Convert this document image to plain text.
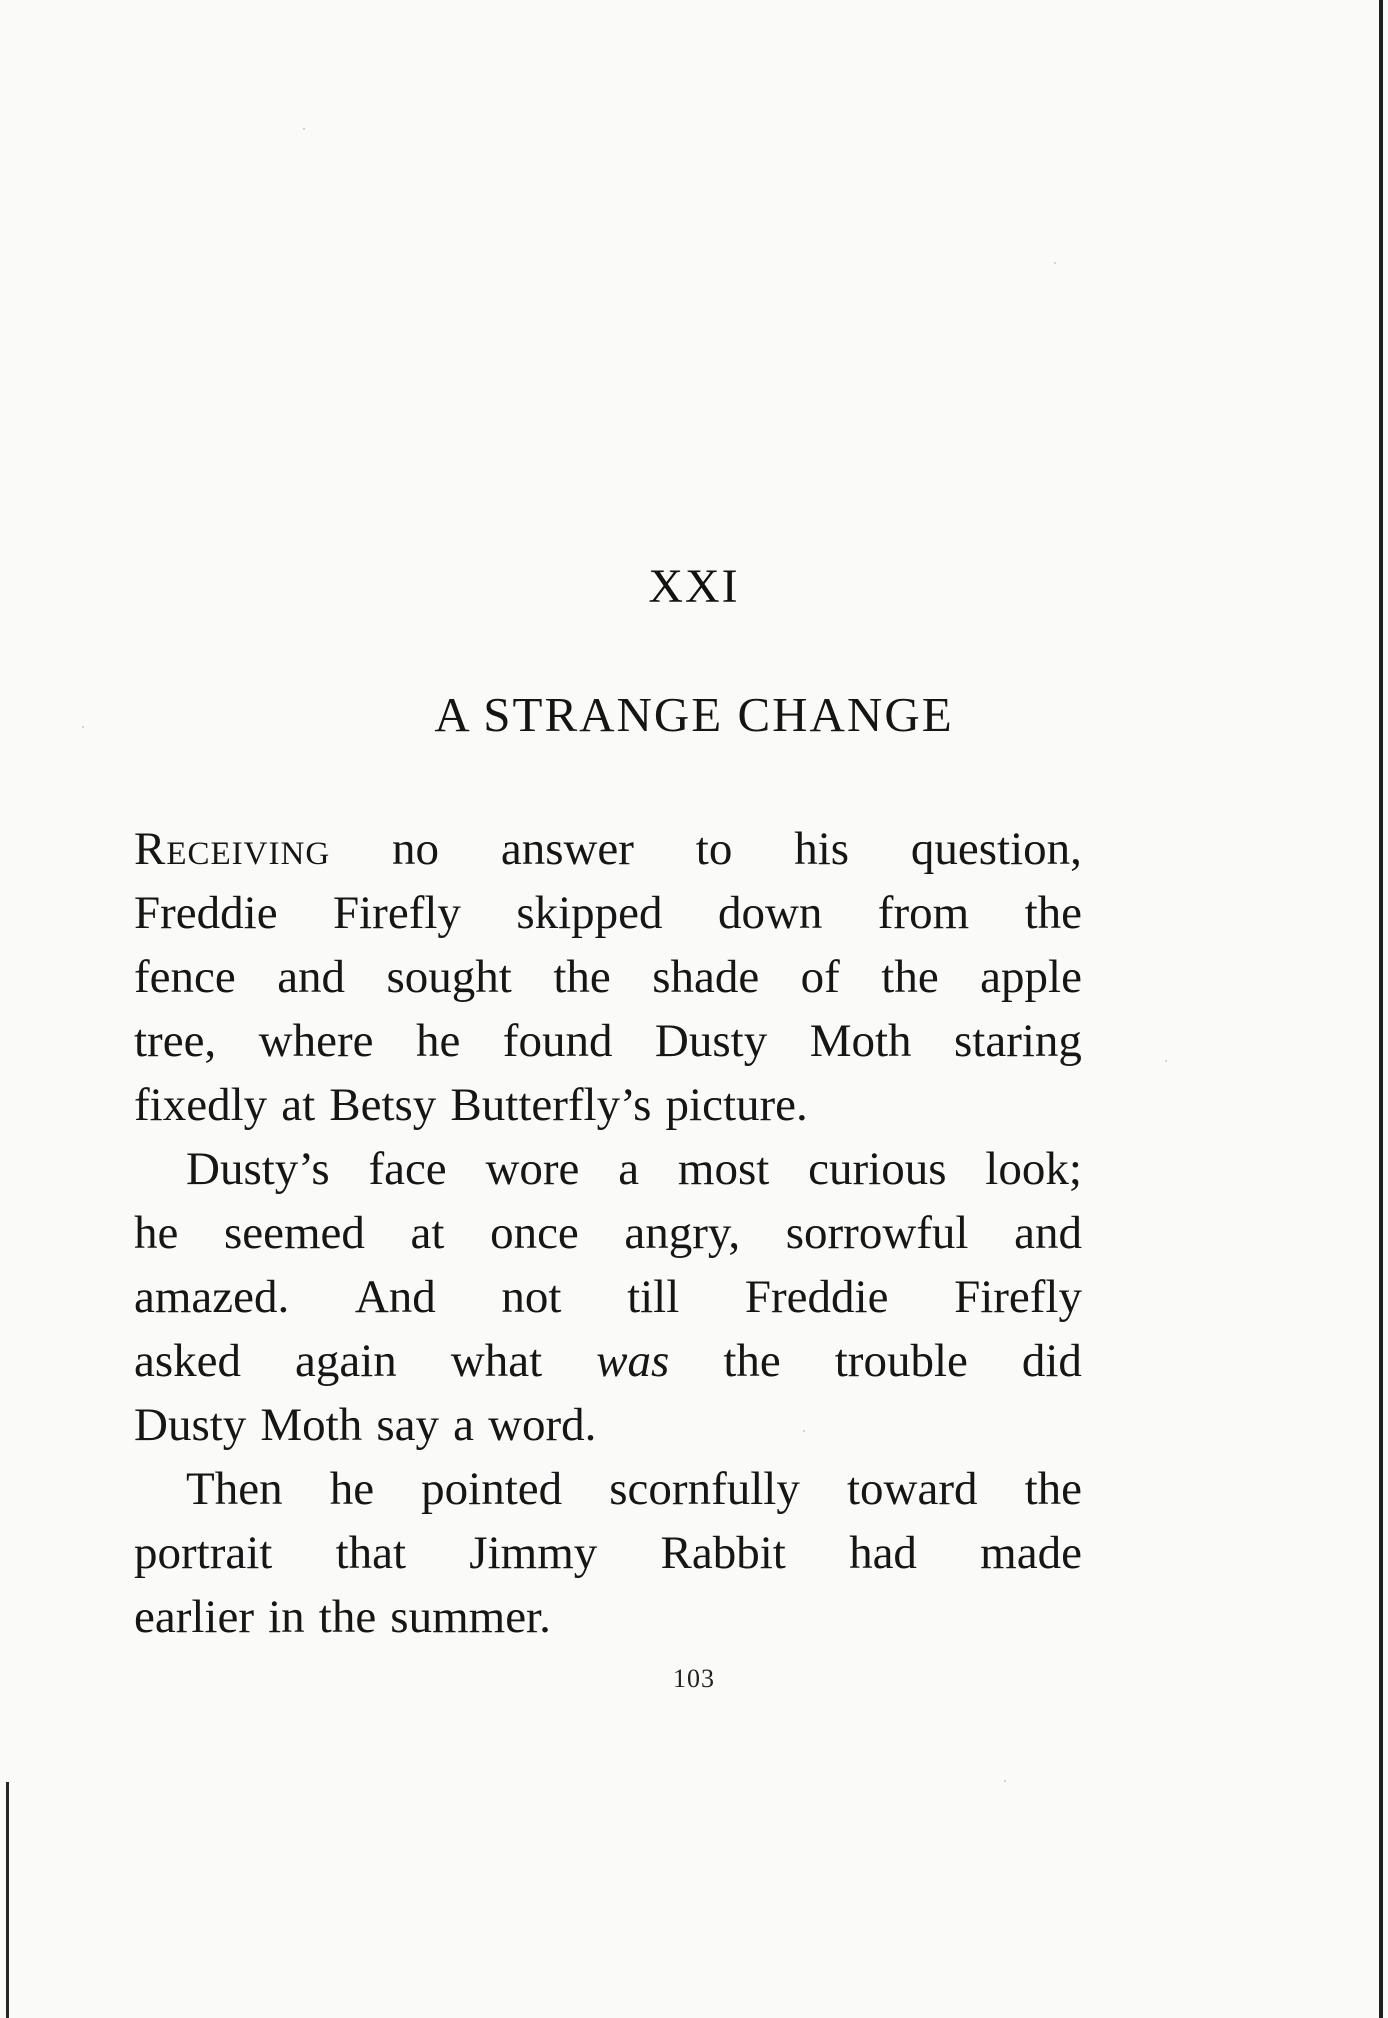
XXI
A STRANGE CHANGE
Receiving no answer to his question,
Freddie Firefly skipped down from the
fence and sought the shade of the apple
tree, where he found Dusty Moth staring
fixedly at Betsy Butterfly’s picture.
Dusty’s face wore a most curious look;
he seemed at once angry, sorrowful and
amazed. And not till Freddie Firefly
asked again what was the trouble did
Dusty Moth say a word.
Then he pointed scornfully toward the
portrait that Jimmy Rabbit had made
earlier in the summer.
103
